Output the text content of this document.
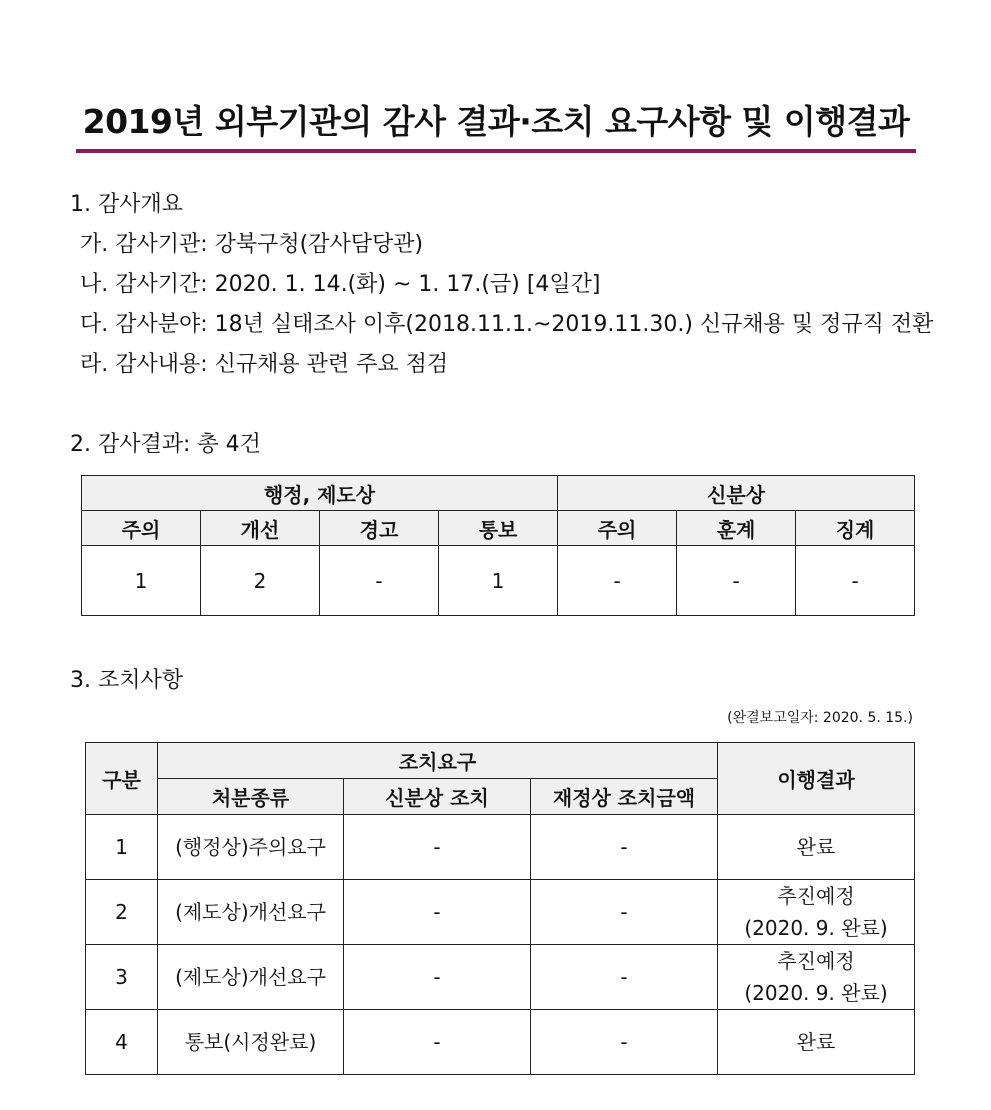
2019년 외부기관의 감사 결과·조치 요구사항 및 이행결과
1. 감사개요
가. 감사기관: 강북구청(감사담당관)
나. 감사기간: 2020. 1. 14.(화) ~ 1. 17.(금) [4일간]
다. 감사분야: 18년 실태조사 이후(2018.11.1.~2019.11.30.) 신규채용 및 정규직 전환
라. 감사내용: 신규채용 관련 주요 점검
2. 감사결과: 총 4건
행정, 제도상				신분상		
주의	개선	경고	통보	주의	훈계	징계
1	2	-	1	-	-	-
3. 조치사항
(완결보고일자: 2020. 5. 15.)
구분	조치요구			이행결과
	처분종류	신분상 조치	재정상 조치금액	
1	(행정상)주의요구	-	-	완료

2	(제도상)개선요구	-	-	추진예정
(2020. 9. 완료)

3	(제도상)개선요구	-	-	추진예정
(2020. 9. 완료)

4	통보(시정완료)	-	-	완료
